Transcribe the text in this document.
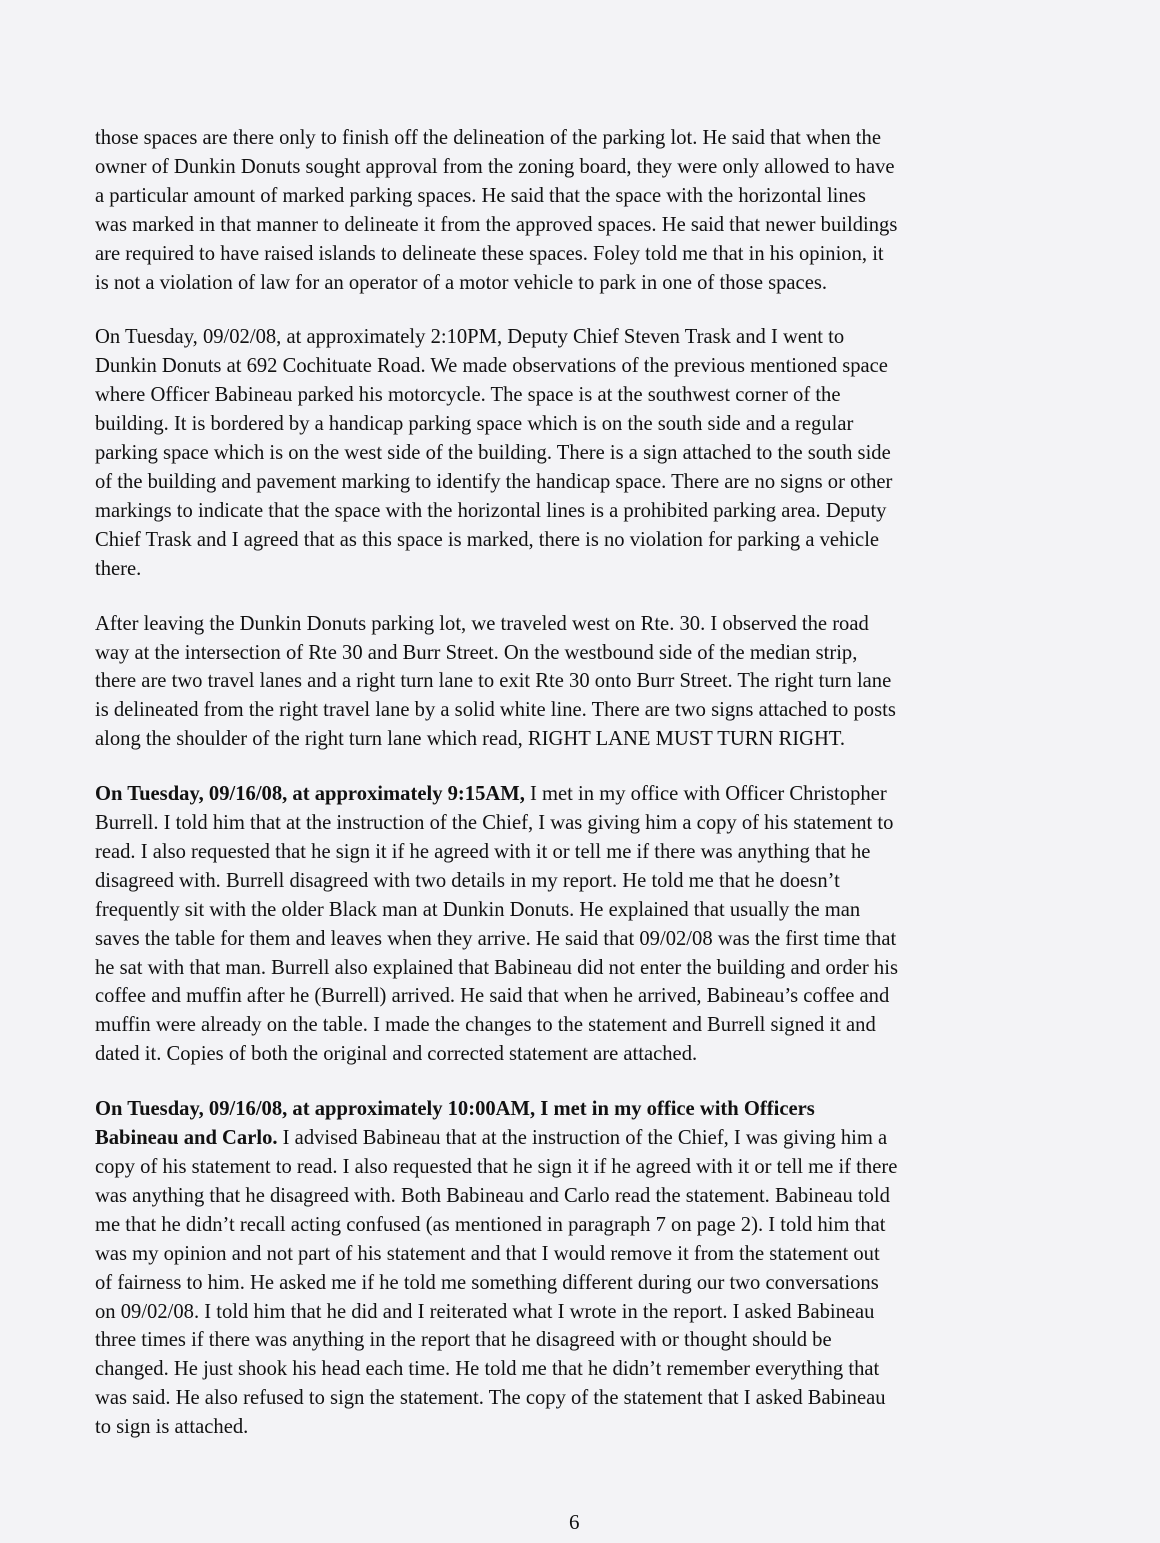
those spaces are there only to finish off the delineation of the parking lot. He said that when the
owner of Dunkin Donuts sought approval from the zoning board, they were only allowed to have
a particular amount of marked parking spaces. He said that the space with the horizontal lines
was marked in that manner to delineate it from the approved spaces. He said that newer buildings
are required to have raised islands to delineate these spaces. Foley told me that in his opinion, it
is not a violation of law for an operator of a motor vehicle to park in one of those spaces.
On Tuesday, 09/02/08, at approximately 2:10PM, Deputy Chief Steven Trask and I went to
Dunkin Donuts at 692 Cochituate Road. We made observations of the previous mentioned space
where Officer Babineau parked his motorcycle. The space is at the southwest corner of the
building. It is bordered by a handicap parking space which is on the south side and a regular
parking space which is on the west side of the building. There is a sign attached to the south side
of the building and pavement marking to identify the handicap space. There are no signs or other
markings to indicate that the space with the horizontal lines is a prohibited parking area. Deputy
Chief Trask and I agreed that as this space is marked, there is no violation for parking a vehicle
there.
After leaving the Dunkin Donuts parking lot, we traveled west on Rte. 30. I observed the road
way at the intersection of Rte 30 and Burr Street. On the westbound side of the median strip,
there are two travel lanes and a right turn lane to exit Rte 30 onto Burr Street. The right turn lane
is delineated from the right travel lane by a solid white line. There are two signs attached to posts
along the shoulder of the right turn lane which read, RIGHT LANE MUST TURN RIGHT.
On Tuesday, 09/16/08, at approximately 9:15AM, I met in my office with Officer Christopher
Burrell. I told him that at the instruction of the Chief, I was giving him a copy of his statement to
read. I also requested that he sign it if he agreed with it or tell me if there was anything that he
disagreed with. Burrell disagreed with two details in my report. He told me that he doesn’t
frequently sit with the older Black man at Dunkin Donuts. He explained that usually the man
saves the table for them and leaves when they arrive. He said that 09/02/08 was the first time that
he sat with that man. Burrell also explained that Babineau did not enter the building and order his
coffee and muffin after he (Burrell) arrived. He said that when he arrived, Babineau’s coffee and
muffin were already on the table. I made the changes to the statement and Burrell signed it and
dated it. Copies of both the original and corrected statement are attached.
On Tuesday, 09/16/08, at approximately 10:00AM, I met in my office with Officers
Babineau and Carlo. I advised Babineau that at the instruction of the Chief, I was giving him a
copy of his statement to read. I also requested that he sign it if he agreed with it or tell me if there
was anything that he disagreed with. Both Babineau and Carlo read the statement. Babineau told
me that he didn’t recall acting confused (as mentioned in paragraph 7 on page 2). I told him that
was my opinion and not part of his statement and that I would remove it from the statement out
of fairness to him. He asked me if he told me something different during our two conversations
on 09/02/08. I told him that he did and I reiterated what I wrote in the report. I asked Babineau
three times if there was anything in the report that he disagreed with or thought should be
changed. He just shook his head each time. He told me that he didn’t remember everything that
was said. He also refused to sign the statement. The copy of the statement that I asked Babineau
to sign is attached.
6
